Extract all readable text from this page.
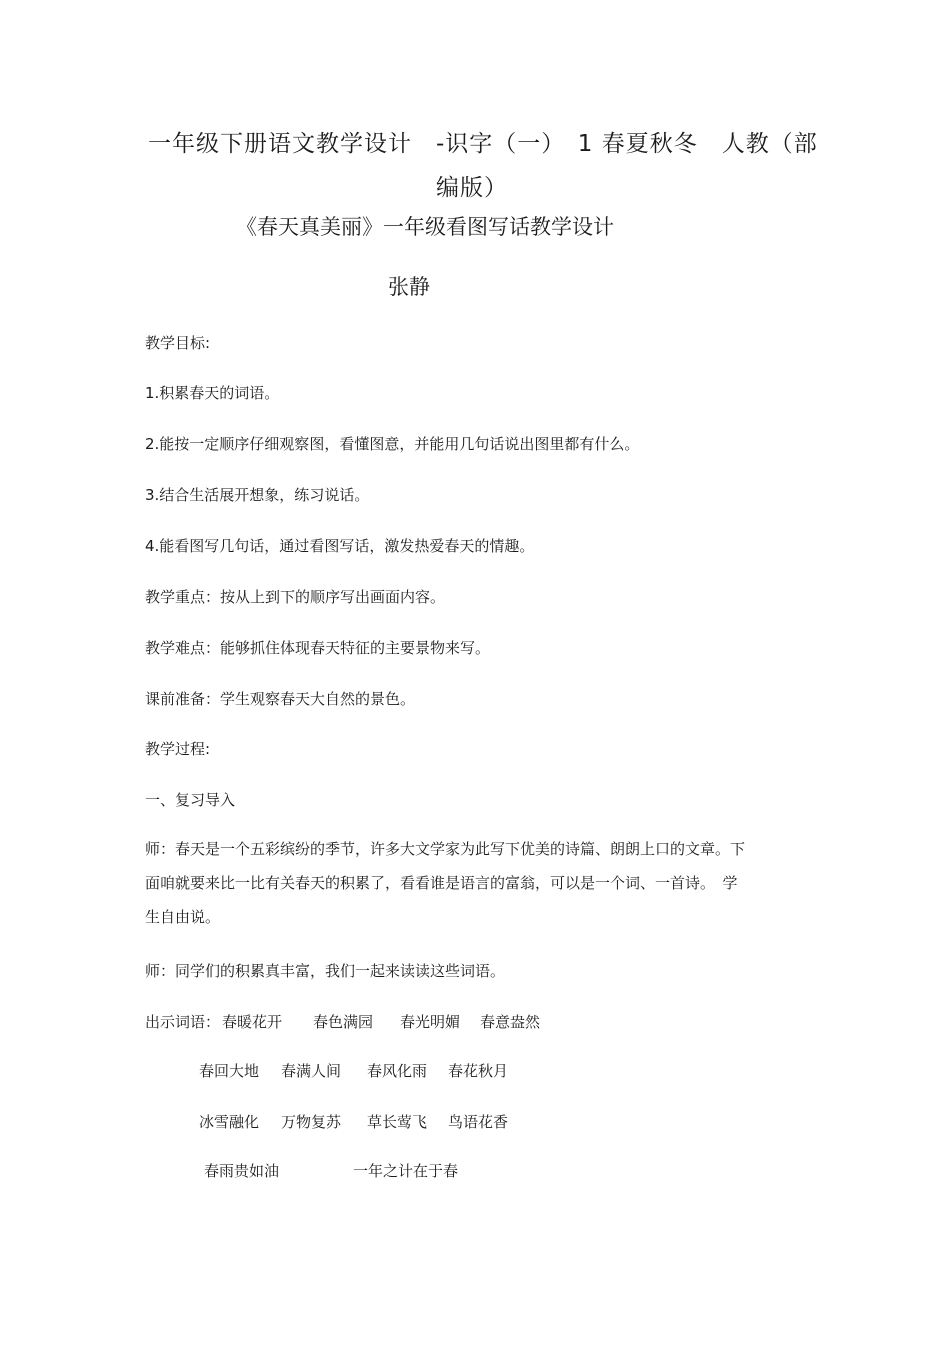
一年级下册语文教学设计　-识字（一）　1 春夏秋冬　人教（部
编版）
《春天真美丽》一年级看图写话教学设计
张静
教学目标:
1.积累春天的词语。
2.能按一定顺序仔细观察图，看懂图意，并能用几句话说出图里都有什么。
3.结合生活展开想象，练习说话。
4.能看图写几句话，通过看图写话，激发热爱春天的情趣。
教学重点：按从上到下的顺序写出画面内容。
教学难点：能够抓住体现春天特征的主要景物来写。
课前准备：学生观察春天大自然的景色。
教学过程:
一、复习导入
师：春天是一个五彩缤纷的季节，许多大文学家为此写下优美的诗篇、朗朗上口的文章。下面咱就要来比一比有关春天的积累了，看看谁是语言的富翁，可以是一个词、一首诗。　学生自由说。
师：同学们的积累真丰富，我们一起来读读这些词语。
出示词语： 春暖花开 春色满园 春光明媚 春意盎然
春回大地 春满人间 春风化雨 春花秋月
冰雪融化 万物复苏 草长莺飞 鸟语花香
春雨贵如油	一年之计在于春
